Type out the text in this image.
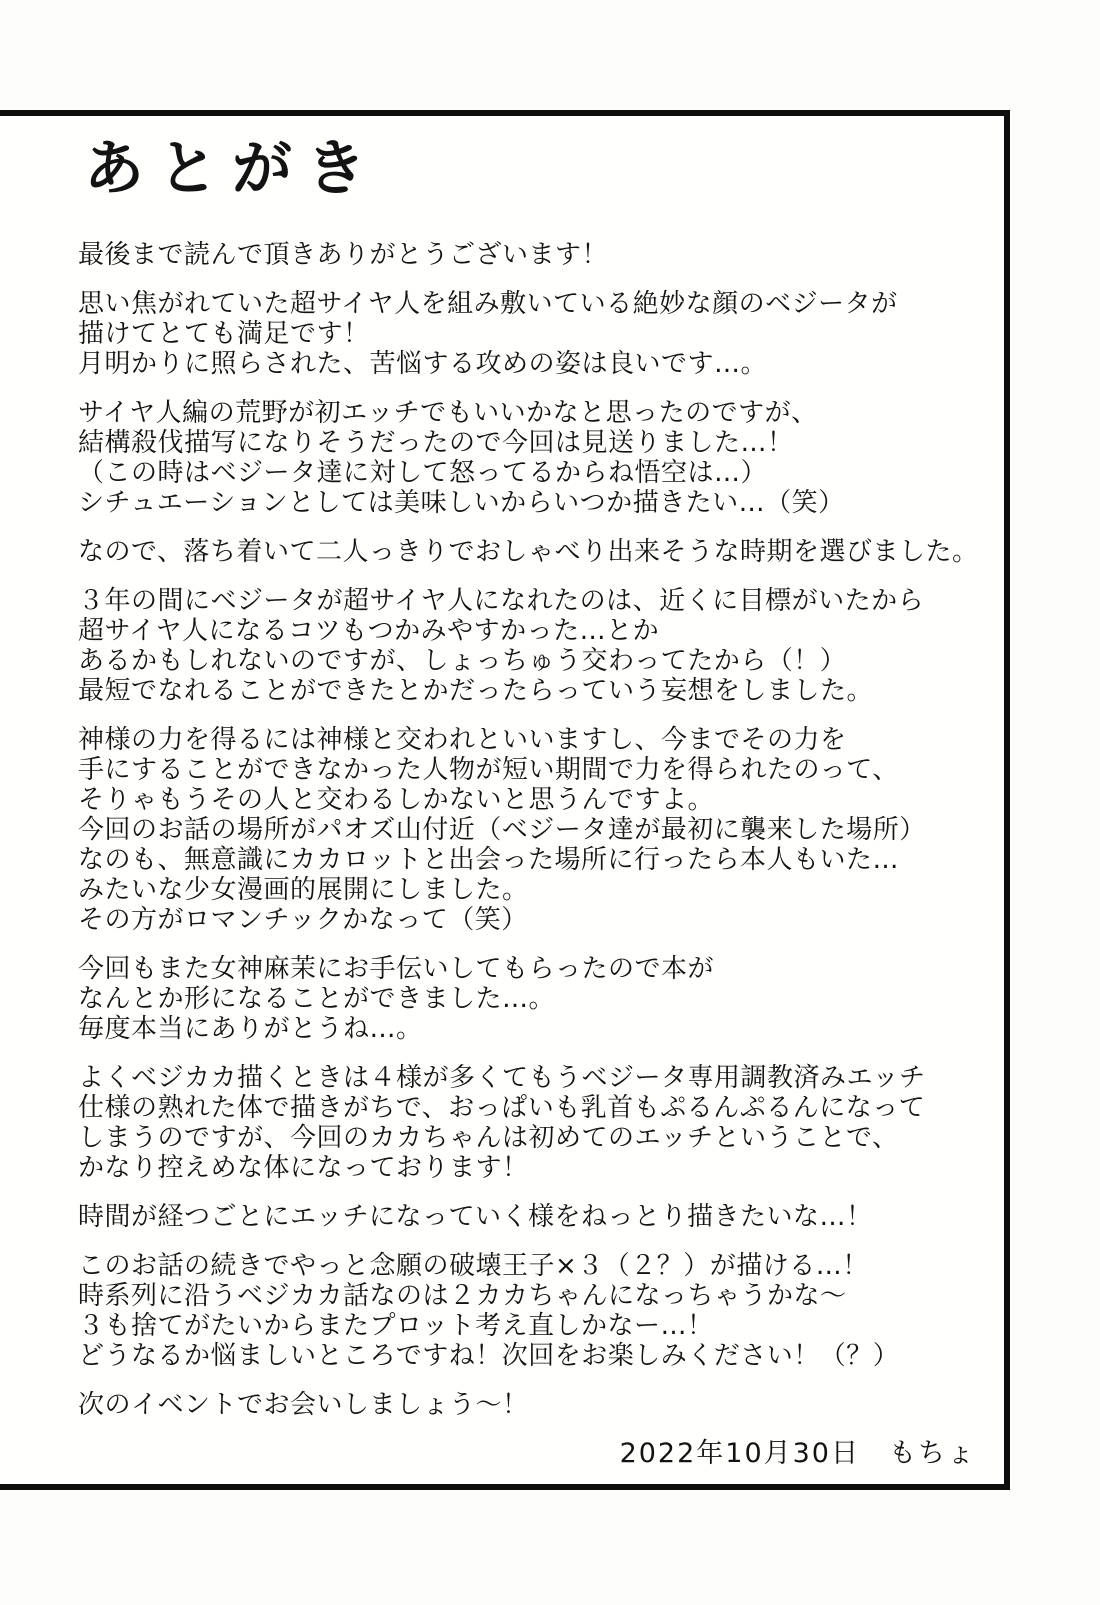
あとがき
最後まで読んで頂きありがとうございます！
思い焦がれていた超サイヤ人を組み敷いている絶妙な顔のベジータが
描けてとても満足です！
月明かりに照らされた、苦悩する攻めの姿は良いです…。
サイヤ人編の荒野が初エッチでもいいかなと思ったのですが、
結構殺伐描写になりそうだったので今回は見送りました…！
（この時はベジータ達に対して怒ってるからね悟空は…）
シチュエーションとしては美味しいからいつか描きたい…（笑）
なので、落ち着いて二人っきりでおしゃべり出来そうな時期を選びました。
３年の間にベジータが超サイヤ人になれたのは、近くに目標がいたから
超サイヤ人になるコツもつかみやすかった…とか
あるかもしれないのですが、しょっちゅう交わってたから（！）
最短でなれることができたとかだったらっていう妄想をしました。
神様の力を得るには神様と交われといいますし、今までその力を
手にすることができなかった人物が短い期間で力を得られたのって、
そりゃもうその人と交わるしかないと思うんですよ。
今回のお話の場所がパオズ山付近（ベジータ達が最初に襲来した場所）
なのも、無意識にカカロットと出会った場所に行ったら本人もいた…
みたいな少女漫画的展開にしました。
その方がロマンチックかなって（笑）
今回もまた女神麻茉にお手伝いしてもらったので本が
なんとか形になることができました…。
毎度本当にありがとうね…。
よくベジカカ描くときは４様が多くてもうベジータ専用調教済みエッチ
仕様の熟れた体で描きがちで、おっぱいも乳首もぷるんぷるんになって
しまうのですが、今回のカカちゃんは初めてのエッチということで、
かなり控えめな体になっております！
時間が経つごとにエッチになっていく様をねっとり描きたいな…！
このお話の続きでやっと念願の破壊王子×３（２？）が描ける…！
時系列に沿うベジカカ話なのは２カカちゃんになっちゃうかな～
３も捨てがたいからまたプロット考え直しかなー…！
どうなるか悩ましいところですね！次回をお楽しみください！（？）
次のイベントでお会いしましょう～！
2022年10月30日　もちょ
